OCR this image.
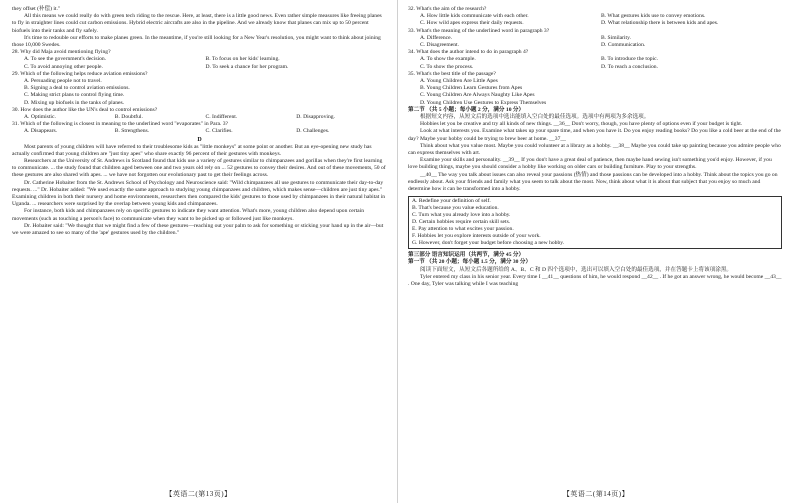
they offset (补偿) it."

All this means we could really do with green tech riding to the rescue. Here, at least, there is a little good news. Even rather simple measures like freeing planes to fly in straighter lines could cut carbon emissions. Hybrid electric aircrafts are also in the pipeline. And we already know that planes can mix up to 50 percent biofuels into their tanks and fly safely.

It's time to redouble our efforts to make planes green. In the meantime, if you're still looking for a New Year's resolution, you might want to think about joining those 10,000 Swedes.

28. Why did Maja avoid mentioning flying?

A. To see the government's decision.	B. To focus on her kids' learning.
C. To avoid annoying other people.	D. To seek a chance for her program.

29. Which of the following helps reduce aviation emissions?

A. Persuading people not to travel.
B. Signing a deal to control aviation emissions.
C. Making strict plans to control flying time.
D. Mixing up biofuels in the tanks of planes.

30. How does the author like the UN's deal to control emissions?

A. Optimistic.	B. Doubtful.	C. Indifferent.	D. Disapproving.

31. Which of the following is closest in meaning to the underlined word "evaporates" in Para. 3?

A. Disappears.	B. Strengthens.	C. Clarifies.	D. Challenges.
D

Most parents of young children will have referred to their troublesome kids as "little monkeys" at some point or another. But an eye-opening new study has actually confirmed that young children are "just tiny apes" who share exactly 96 percent of their gestures with monkeys.

Researchers at the University of St. Andrews in Scotland found that kids use a variety of gestures similar to chimpanzees and gorillas when they're first learning to communicate. ... the study found that children aged between one and two years old rely on ... 52 gestures to convey their desires. And out of these movements, 50 of these gestures are also shared with apes. ... we have not forgotten our evolutionary past to get their feelings across.

Dr. Catherine Hobaiter from the St. Andrews School of Psychology and Neuroscience said: "Wild chimpanzees all use gestures to communicate their day-to-day requests. ..." Dr. Hobaiter added: "We used exactly the same approach to studying young chimpanzees and children, which makes sense—children are just tiny apes." Examining children in both their nursery and home environments, researchers then compared the kids' gestures to those used by chimpanzees in their natural habitat in Uganda. ... researchers were surprised by the overlap between young kids and chimpanzees.

For instance, both kids and chimpanzees rely on specific gestures to indicate they want attention. What's more, young children also depend upon certain movements (such as touching a person's face) to communicate when they want to be picked up or followed just like monkeys.

Dr. Hobaiter said: "We thought that we might find a few of these gestures—reaching out your palm to ask for something or sticking your hand up in the air—but we were amazed to see so many of the 'ape' gestures used by the children."

【英语二(第13页)】

32. What's the aim of the research?

A. How little kids communicate with each other.	B. What gestures kids use to convey emotions.
C. How wild apes express their daily requests.	D. What relationship there is between kids and apes.

33. What's the meaning of the underlined word in paragraph 3?

A. Difference.	B. Similarity.
C. Disagreement.	D. Communication.

34. What does the author intend to do in paragraph 4?

A. To show the example.	B. To introduce the topic.
C. To show the process.	D. To reach a conclusion.

35. What's the best title of the passage?

A. Young Children Are Little Apes
B. Young Children Learn Gestures from Apes
C. Young Children Are Always Naughty Like Apes
D. Young Children Use Gestures to Express Themselves

第二节 （共 5 小题；每小题 2 分，满分 10 分）

根据短文内容，从短文后的选项中选出能填入空白处的最佳选项。选项中有两项为多余选项。

Hobbies let you be creative and try all kinds of new things. __36__ Don't worry, though, you have plenty of options even if your budget is tight.

Look at what interests you. Examine what takes up your spare time, and when you have it. Do you enjoy reading books? Do you like a cold beer at the end of the day? Maybe your hobby could be trying to brew beer at home. __37__

Think about what you value most. Maybe you could volunteer at a library as a hobby. __38__ Maybe you could take up painting because you admire people who can express themselves with art.

Examine your skills and personality. __39__ If you don't have a great deal of patience, then maybe hand sewing isn't something you'd enjoy. However, if you love building things, maybe you should consider a hobby like working on older cars or building furniture. Play to your strengths.

__40__ The way you talk about issues can also reveal your passions (热情) and those passions can be developed into a hobby. Think about the topics you go on endlessly about. Ask your friends and family what you seem to talk about the most. Now, think about what it is about that subject that you enjoy so much and determine how it can be transformed into a hobby.

A. Redefine your definition of self.
B. That's because you value education.
C. Turn what you already love into a hobby.
D. Certain hobbies require certain skill sets.
E. Pay attention to what excites your passion.
F. Hobbies let you explore interests outside of your work.
G. However, don't forget your budget before choosing a new hobby.

第三部分 语言知识运用（共两节，满分 45 分）

第一节 （共 20 小题；每小题 1.5 分，满分 30 分）

阅读下面短文，从短文后各题所给的 A、B、C 和 D 四个选项中，选出可以填入空白处的最佳选项，并在答题卡上将该项涂黑。

Tyler entered my class in his senior year. Every time I __41__ questions of him, he would respond __42__ . If he got an answer wrong, he would become __43__ . One day, Tyler was talking while I was teaching

【英语二(第14页)】
